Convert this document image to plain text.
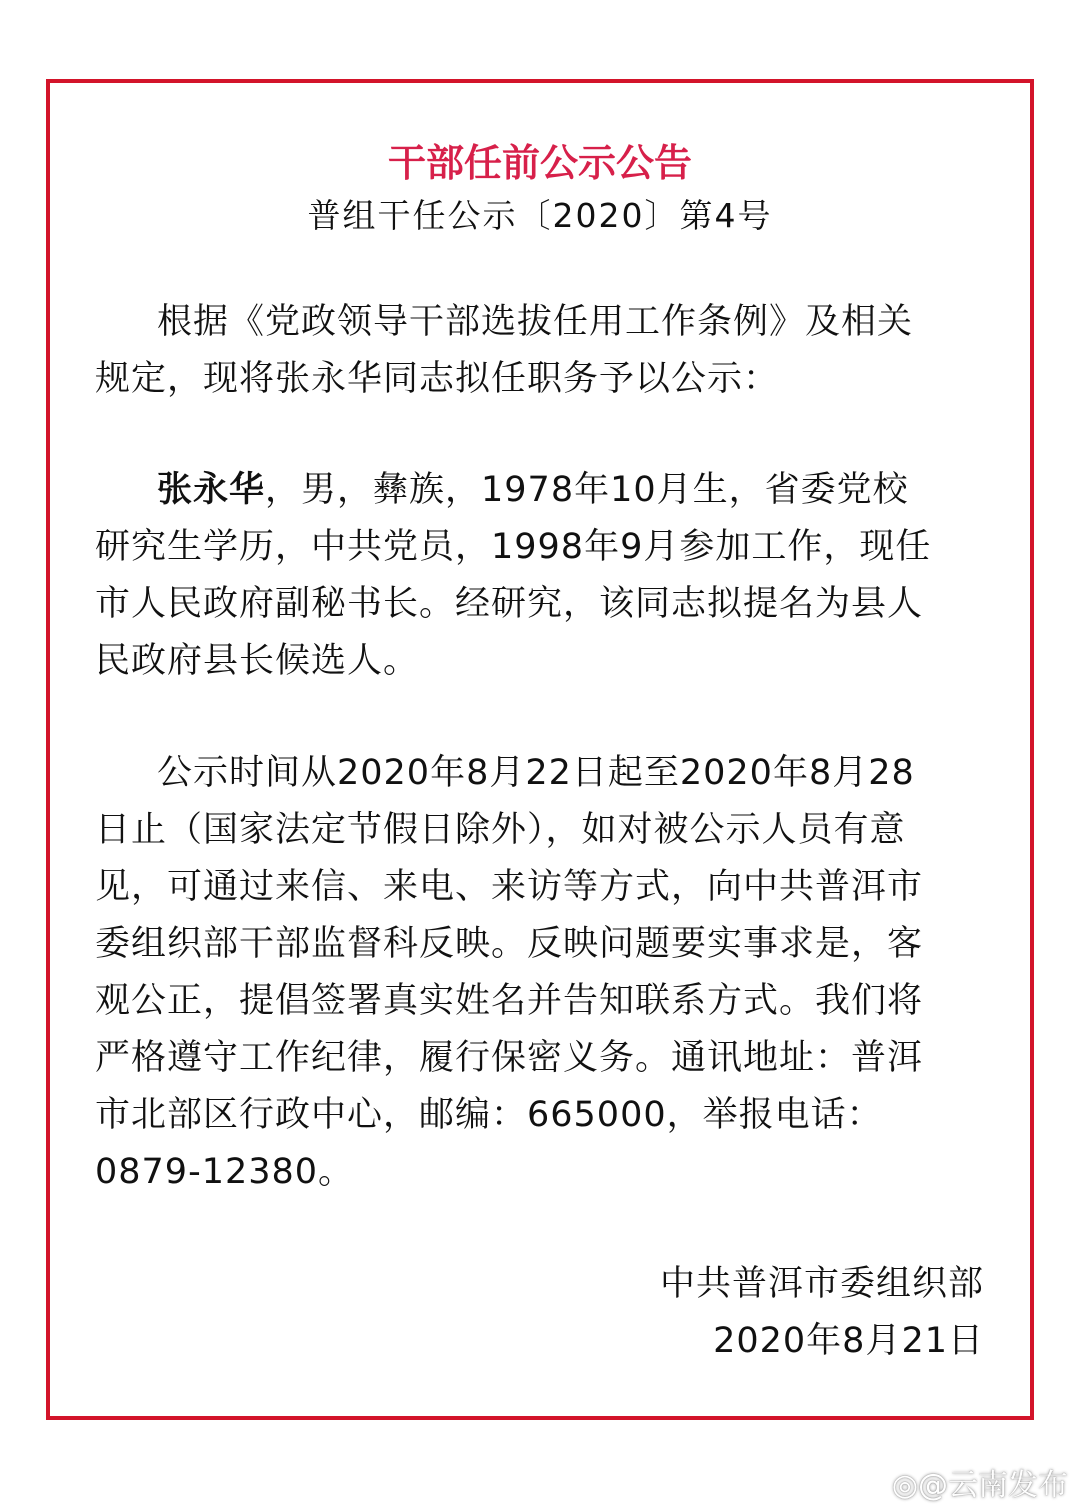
干部任前公示公告
普组干任公示〔2020〕第4号
根据《党政领导干部选拔任用工作条例》及相关
规定，现将张永华同志拟任职务予以公示：
张永华，男，彝族，1978年10月生，省委党校
研究生学历，中共党员，1998年9月参加工作，现任
市人民政府副秘书长。经研究，该同志拟提名为县人
民政府县长候选人。
公示时间从2020年8月22日起至2020年8月28
日止（国家法定节假日除外），如对被公示人员有意
见，可通过来信、来电、来访等方式，向中共普洱市
委组织部干部监督科反映。反映问题要实事求是，客
观公正，提倡签署真实姓名并告知联系方式。我们将
严格遵守工作纪律，履行保密义务。通讯地址：普洱
市北部区行政中心，邮编：665000，举报电话：
0879-12380。
中共普洱市委组织部
2020年8月21日
◎@云南发布
